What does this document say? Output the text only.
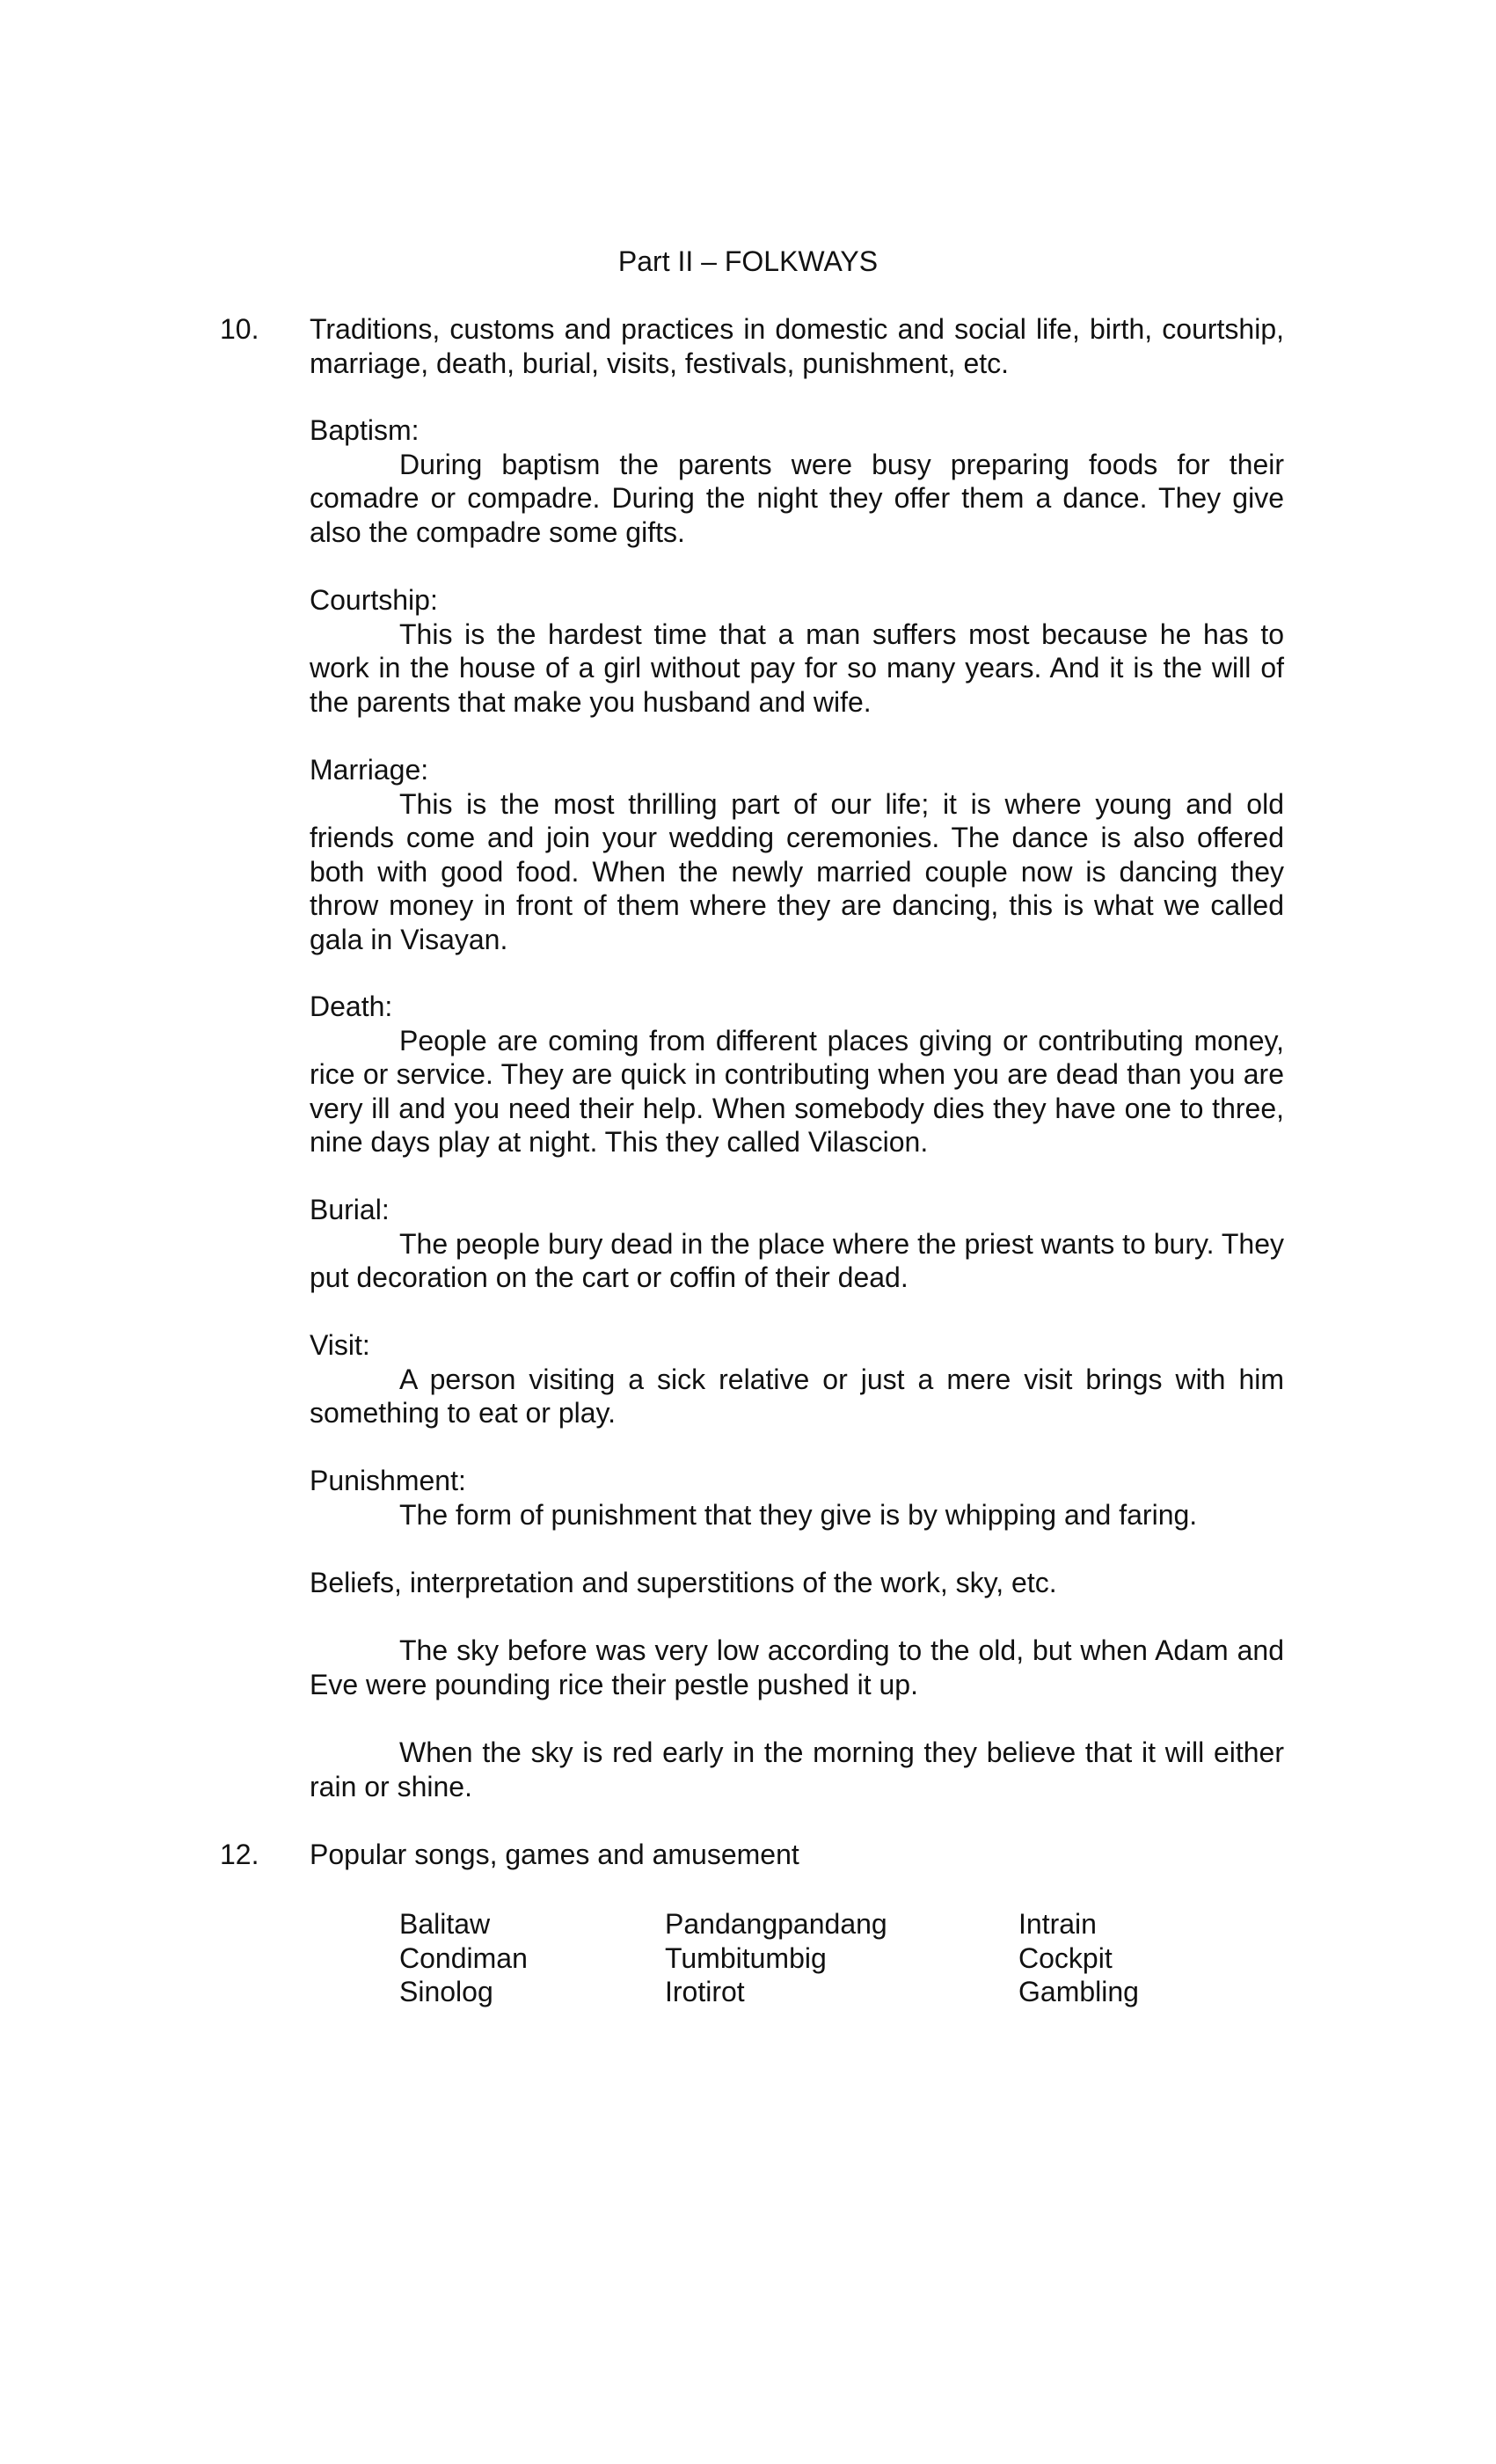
Part II – FOLKWAYS
10. Traditions, customs and practices in domestic and social life, birth, courtship, marriage, death, burial, visits, festivals, punishment, etc.
Baptism:
During baptism the parents were busy preparing foods for their comadre or compadre. During the night they offer them a dance. They give also the compadre some gifts.
Courtship:
This is the hardest time that a man suffers most because he has to work in the house of a girl without pay for so many years. And it is the will of the parents that make you husband and wife.
Marriage:
This is the most thrilling part of our life; it is where young and old friends come and join your wedding ceremonies. The dance is also offered both with good food. When the newly married couple now is dancing they throw money in front of them where they are dancing, this is what we called gala in Visayan.
Death:
People are coming from different places giving or contributing money, rice or service. They are quick in contributing when you are dead than you are very ill and you need their help. When somebody dies they have one to three, nine days play at night. This they called Vilascion.
Burial:
The people bury dead in the place where the priest wants to bury. They put decoration on the cart or coffin of their dead.
Visit:
A person visiting a sick relative or just a mere visit brings with him something to eat or play.
Punishment:
The form of punishment that they give is by whipping and faring.
Beliefs, interpretation and superstitions of the work, sky, etc.
The sky before was very low according to the old, but when Adam and Eve were pounding rice their pestle pushed it up.
When the sky is red early in the morning they believe that it will either rain or shine.
12. Popular songs, games and amusement
Balitaw
Condiman
Sinolog
Pandangpandang
Tumbitumbig
Irotirot
Intrain
Cockpit
Gambling
